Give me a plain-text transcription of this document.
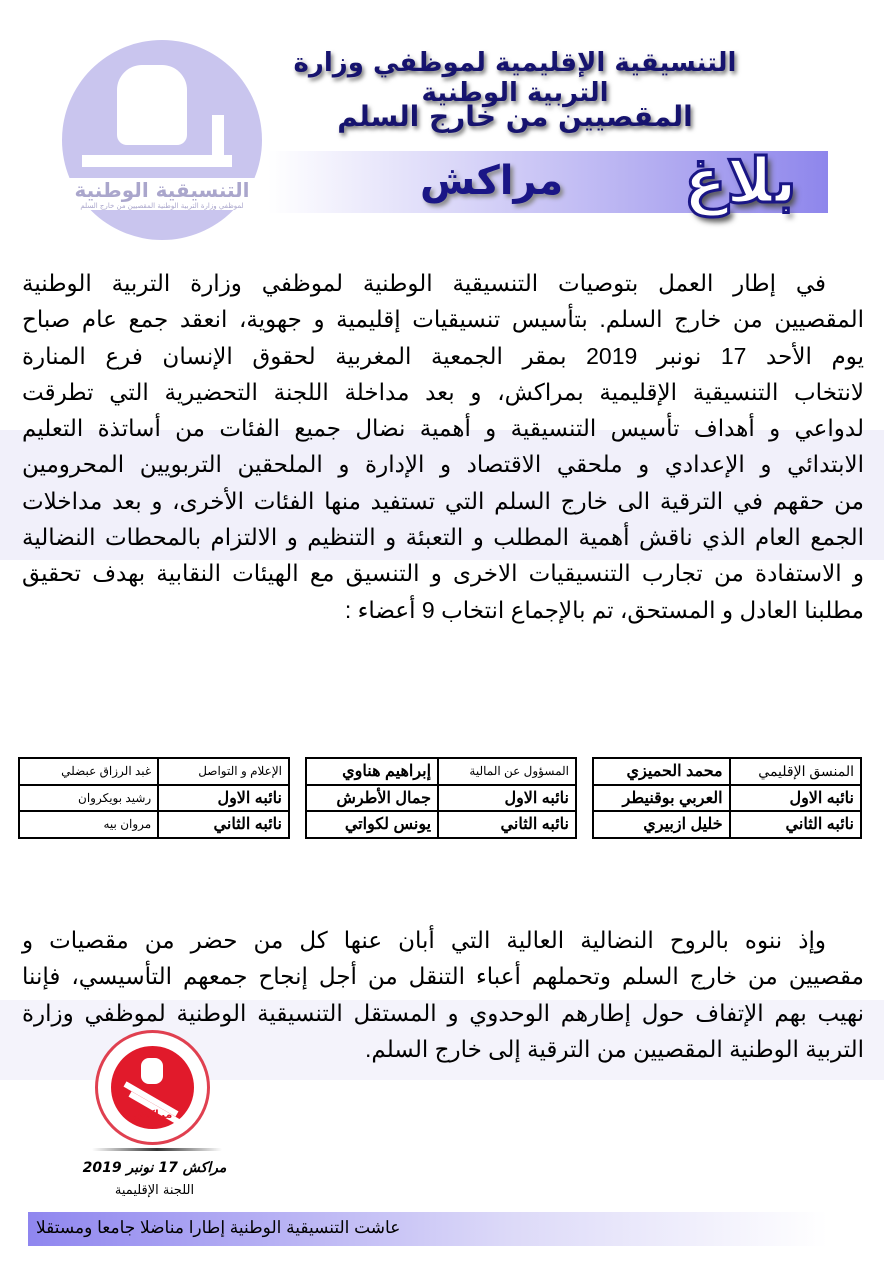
التنسيقية الوطنية
لموظفي وزارة التربية الوطنية المقصيين من خارج السلم
التنسيقية الإقليمية لموظفي وزارة التربية الوطنية
المقصيين من خارج السلم
مراكش بلاغ
في إطار العمل بتوصيات التنسيقية الوطنية لموظفي وزارة التربية الوطنية
المقصيين من خارج السلم. بتأسيس تنسيقيات إقليمية و جهوية، انعقد جمع عام صباح
يوم الأحد 17 نونبر 2019 بمقر الجمعية المغربية لحقوق الإنسان فرع المنارة
لانتخاب التنسيقية الإقليمية بمراكش، و بعد مداخلة اللجنة التحضيرية التي تطرقت
لدواعي و أهداف تأسيس التنسيقية و أهمية نضال جميع الفئات من أساتذة التعليم
الابتدائي و الإعدادي و ملحقي الاقتصاد و الإدارة و الملحقين التربويين المحرومين
من حقهم في الترقية الى خارج السلم التي تستفيد منها الفئات الأخرى، و بعد مداخلات
الجمع العام الذي ناقش أهمية المطلب و التعبئة و التنظيم و الالتزام بالمحطات النضالية
و الاستفادة من تجارب التنسيقيات الاخرى و التنسيق مع الهيئات النقابية بهدف تحقيق
مطلبنا العادل و المستحق، تم بالإجماع انتخاب 9 أعضاء :
المنسق الإقليمي	محمد الحميزي
نائبه الاول	العربي بوقنيطر
نائبه الثاني	خليل ازبيري
المسؤول عن المالية	إبراهيم هناوي
نائبه الاول	جمال الأطرش
نائبه الثاني	يونس لكواتي
الإعلام و التواصل	غبد الرزاق عبضلي
نائبه الاول	رشيد بويكروان
نائبه الثاني	مروان بيه
وإذ ننوه بالروح النضالية العالية التي أبان عنها كل من حضر من مقصيات و
مقصيين من خارج السلم وتحملهم أعباء التنقل من أجل إنجاح جمعهم التأسيسي، فإننا
نهيب بهم الإتفاف حول إطارهم الوحدوي و المستقل التنسيقية الوطنية لموظفي وزارة
التربية الوطنية المقصيين من الترقية إلى خارج السلم.
مراكش
مراكش 17 نونبر 2019
اللجنة الإقليمية
عاشت التنسيقية الوطنية إطارا مناضلا جامعا ومستقلا
